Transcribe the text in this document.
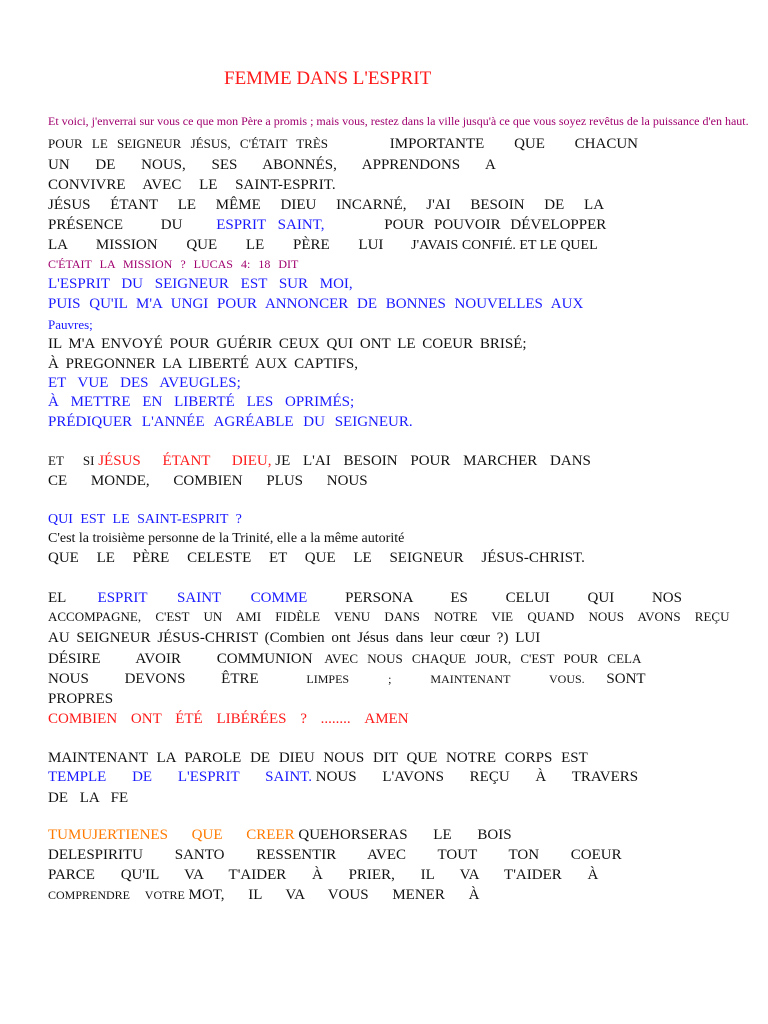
FEMME DANS L'ESPRIT
Et voici, j'enverrai sur vous ce que mon Père a promis ; mais vous, restez dans la ville jusqu'à ce que vous soyez revêtus de la puissance d'en haut.
POUR LE SEIGNEUR JÉSUS, C'ÉTAIT TRÈS	IMPORTANTE QUE CHACUN
UN DE NOUS, SES ABONNÉS, APPRENDONS A
CONVIVRE AVEC LE SAINT-ESPRIT.
JÉSUS ÉTANT LE MÊME DIEU INCARNÉ, J'AI BESOIN DE LA
PRÉSENCE DU ESPRIT SAINT,	POUR POUVOIR DÉVELOPPER
LA MISSION QUE LE PÈRE LUI J'AVAIS CONFIÉ. ET LE QUEL
C'ÉTAIT LA MISSION ? LUCAS 4: 18 DIT
L'ESPRIT DU SEIGNEUR EST SUR MOI,
PUIS QU'IL M'A UNGI POUR ANNONCER DE BONNES NOUVELLES AUX
Pauvres;
IL M'A ENVOYÉ POUR GUÉRIR CEUX QUI ONT LE COEUR BRISÉ;
À PREGONNER LA LIBERTÉ AUX CAPTIFS,
ET VUE DES AVEUGLES;
À METTRE EN LIBERTÉ LES OPRIMÉS;
PRÉDIQUER L'ANNÉE AGRÉABLE DU SEIGNEUR.
ET SI JÉSUS ÉTANT DIEU, JE L'AI BESOIN POUR MARCHER DANS
CE MONDE, COMBIEN PLUS NOUS
QUI EST LE SAINT-ESPRIT ?
C'est la troisième personne de la Trinité, elle a la même autorité
QUE LE PÈRE CELESTE ET QUE LE SEIGNEUR JÉSUS-CHRIST.
EL ESPRIT SAINT COMME	PERSONA ES CELUI QUI NOS
ACCOMPAGNE, C'EST UN AMI FIDÈLE VENU DANS NOTRE VIE QUAND NOUS AVONS REÇU
AU SEIGNEUR JÉSUS-CHRIST (Combien ont Jésus dans leur cœur ?) LUI
DÉSIRE AVOIR COMMUNION AVEC NOUS CHAQUE JOUR, C'EST POUR CELA
NOUS DEVONS ÊTRE	LIMPES ; MAINTENANT VOUS. SONT
PROPRES
COMBIEN ONT ÉTÉ LIBÉRÉES ? ........ AMEN
MAINTENANT LA PAROLE DE DIEU NOUS DIT QUE NOTRE CORPS EST
TEMPLE DE L'ESPRIT SAINT. NOUS L'AVONS REÇU À TRAVERS
DE LA FE
TUMUJERTIENES QUE CREER QUEHORSERAS LE BOIS
DELESPIRITU SANTO RESSENTIR AVEC TOUT TON COEUR
PARCE QU'IL VA T'AIDER À PRIER, IL VA T'AIDER À
COMPRENDRE VOTRE MOT, IL VA VOUS MENER À
